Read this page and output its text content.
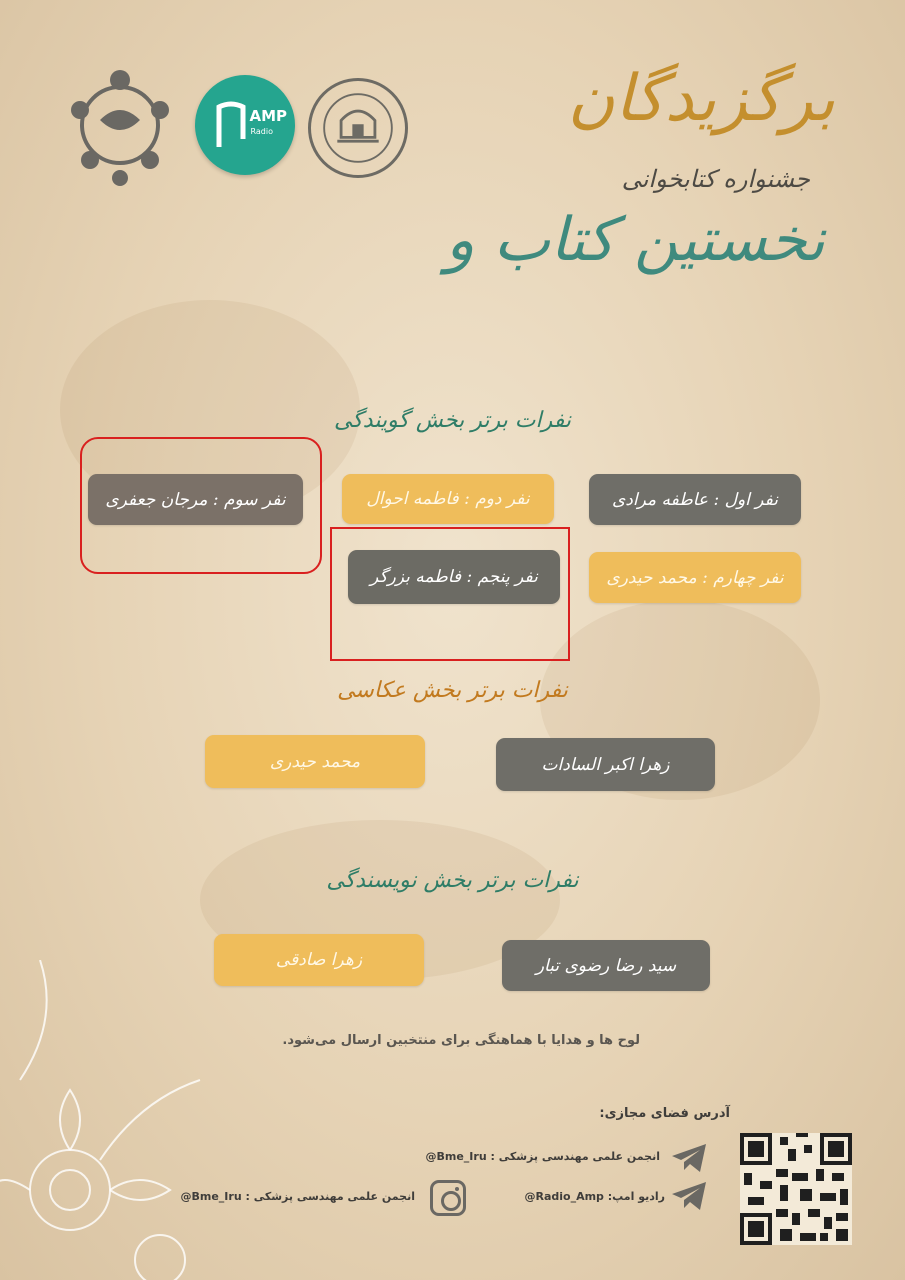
AMP
Radio	برگزیدگان
جشنواره کتابخوانی
نخستین کتاب و
نفرات برتر بخش گویندگی
نفر اول : عاطفه مرادی
نفر دوم : فاطمه احوال
نفر سوم : مرجان جعفری
نفر چهارم : محمد حیدری
نفر پنجم : فاطمه بزرگر
نفرات برتر بخش عکاسی
زهرا اکبر السادات
محمد حیدری
نفرات برتر بخش نویسندگی
سید رضا رضوی تبار
زهرا صادقی
لوح ها و هدایا با هماهنگی برای منتخبین ارسال می‌شود.
آدرس فضای مجازی:
انجمن علمی مهندسی پزشکی : Bme_Iru@
رادیو امپ: Radio_Amp@
انجمن علمی مهندسی پزشکی : Bme_Iru@
